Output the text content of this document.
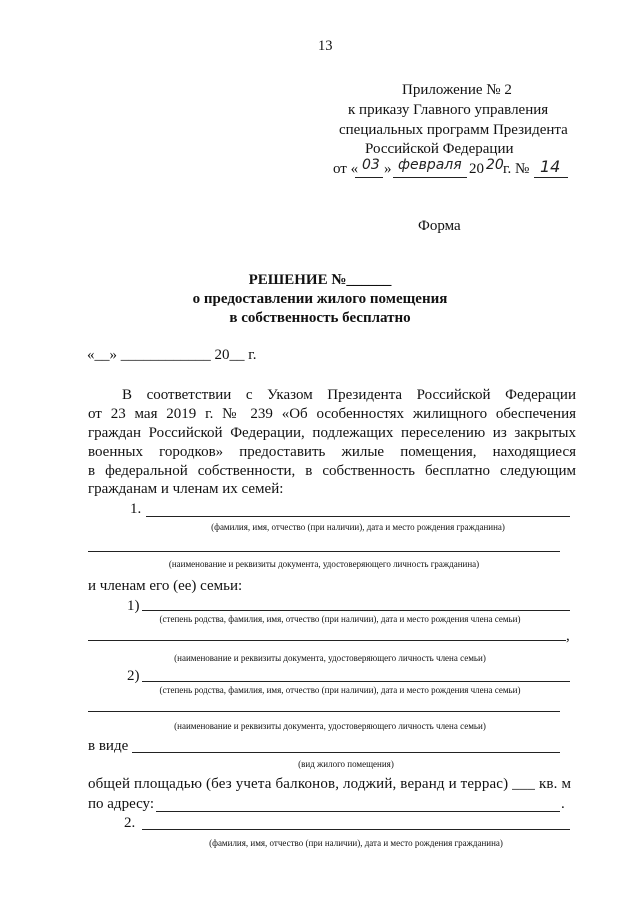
13
Приложение № 2
к приказу Главного управления
специальных программ Президента
Российской Федерации
от « 03 » февраля 20 20 г. № 14
Форма
РЕШЕНИЕ №______
о предоставлении жилого помещения
в собственность бесплатно
«__» ____________ 20__ г.
В соответствии с Указом Президента Российской Федерации
от 23 мая 2019 г. № 239 «Об особенностях жилищного обеспечения
граждан Российской Федерации, подлежащих переселению из закрытых
военных городков» предоставить жилые помещения, находящиеся
в федеральной собственности, в собственность бесплатно следующим
гражданам и членам их семей:
1.
(фамилия, имя, отчество (при наличии), дата и место рождения гражданина)
(наименование и реквизиты документа, удостоверяющего личность гражданина)
и членам его (ее) семьи:
1)
(степень родства, фамилия, имя, отчество (при наличии), дата и место рождения члена семьи)
,
(наименование и реквизиты документа, удостоверяющего личность члена семьи)
2)
(степень родства, фамилия, имя, отчество (при наличии), дата и место рождения члена семьи)
(наименование и реквизиты документа, удостоверяющего личность члена семьи)
в виде
(вид жилого помещения)
общей площадью (без учета балконов, лоджий, веранд и террас) ___ кв. м
по адресу:	.
2.
(фамилия, имя, отчество (при наличии), дата и место рождения гражданина)
